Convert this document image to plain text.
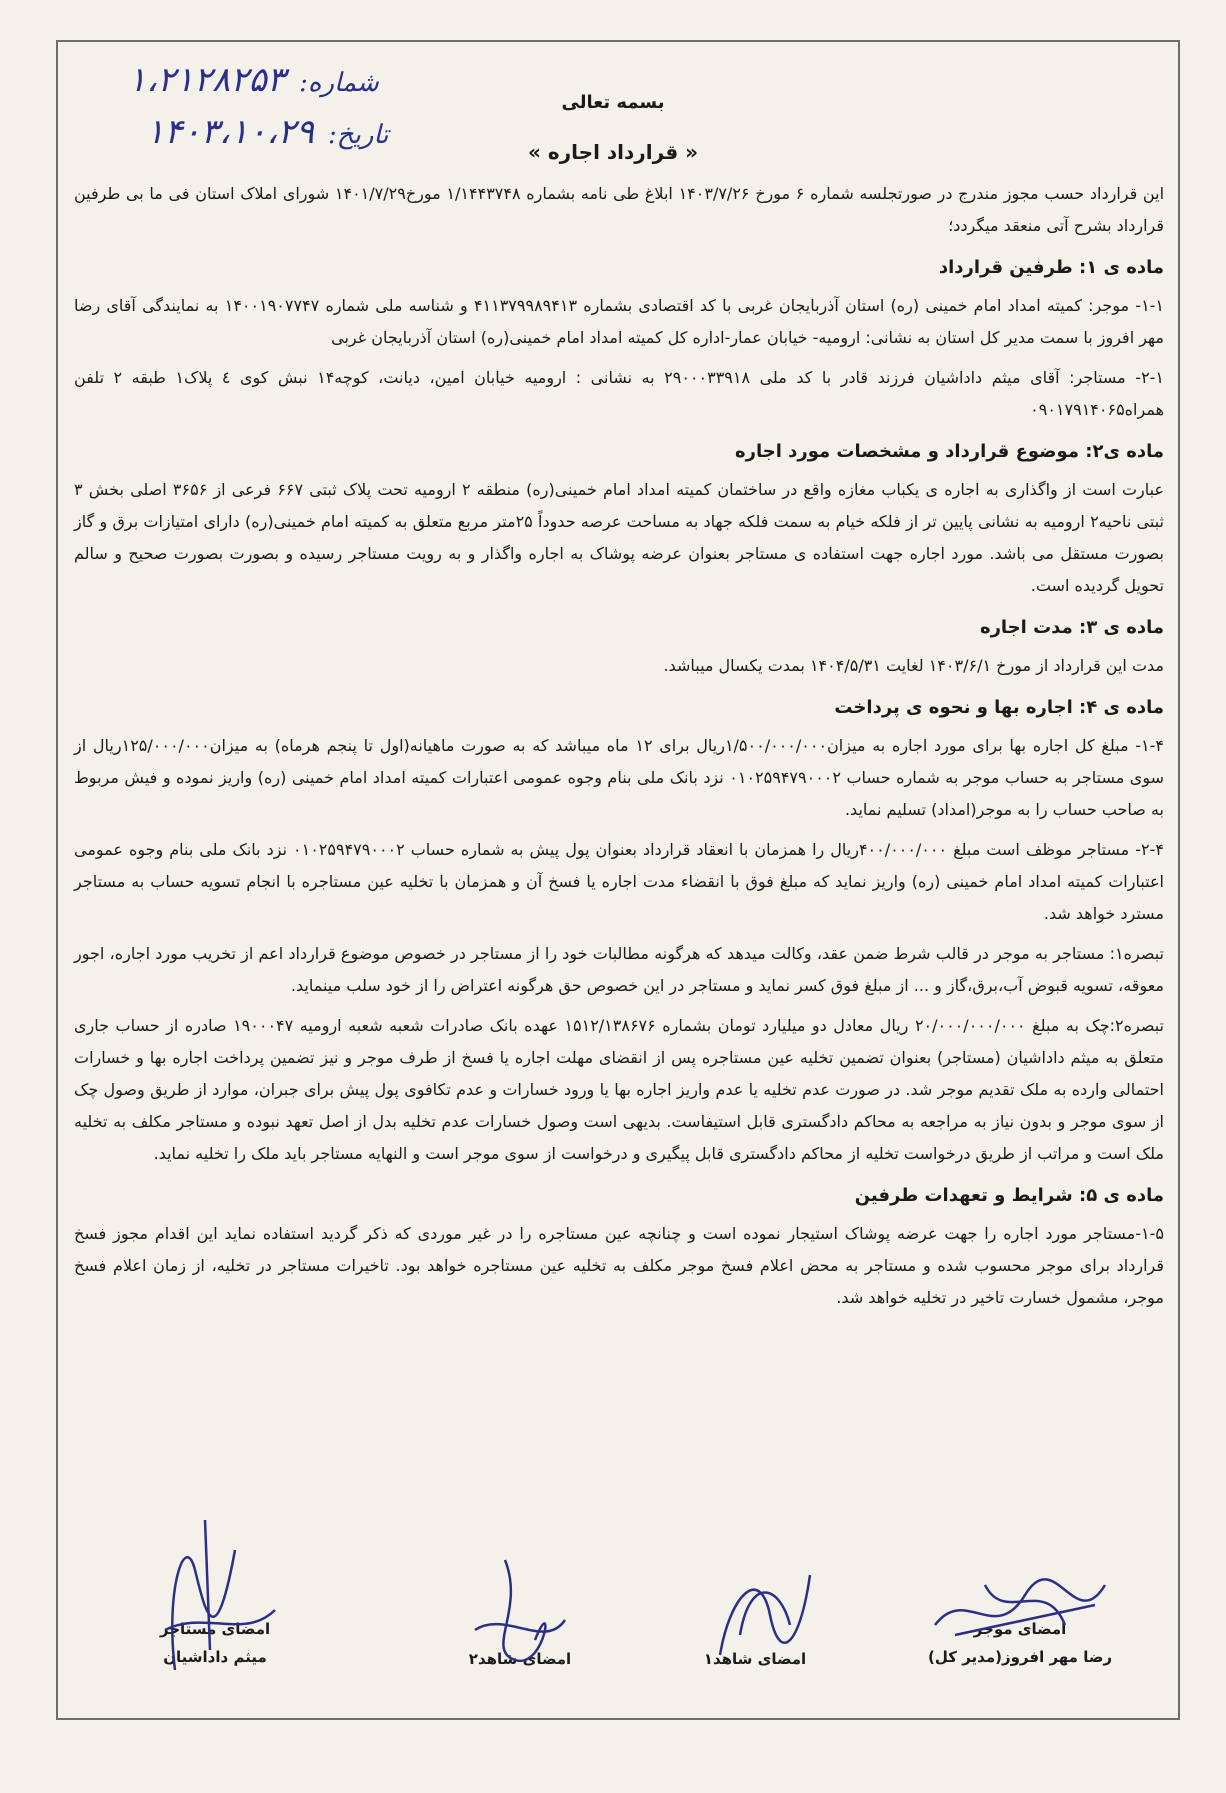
شماره:۱،۲۱۲۸۲۵۳
تاریخ:۱۴۰۳،۱۰،۲۹
بسمه تعالی
« قرارداد اجاره »

این قرارداد حسب مجوز مندرج در صورتجلسه شماره ۶ مورخ ۱۴۰۳/۷/۲۶ ابلاغ طی نامه بشماره ۱/۱۴۴۳۷۴۸ مورخ۱۴۰۱/۷/۲۹ شورای املاک استان فی ما بی طرفین قرارداد بشرح آتی منعقد میگردد؛

ماده ی ۱: طرفین قرارداد

۱-۱- موجر: کمیته امداد امام خمینی (ره) استان آذربایجان غربی با کد اقتصادی بشماره ۴۱۱۳۷۹۹۸۹۴۱۳ و شناسه ملی شماره ۱۴۰۰۱۹۰۷۷۴۷ به نمایندگی آقای رضا مهر افروز با سمت مدیر کل استان به نشانی: ارومیه- خیابان عمار-اداره کل کمیته امداد امام خمینی(ره) استان آذربایجان غربی

۲-۱- مستاجر: آقای میثم داداشیان فرزند قادر با کد ملی ۲۹۰۰۰۳۳۹۱۸ به نشانی : ارومیه خیابان امین، دیانت، کوچه۱۴ نبش کوی ٤ پلاک۱ طبقه ۲ تلفن همراه۰۹۰۱۷۹۱۴۰۶۵

ماده ی۲: موضوع قرارداد و مشخصات مورد اجاره

عبارت است از واگذاری به اجاره ی یکباب مغازه واقع در ساختمان کمیته امداد امام خمینی(ره) منطقه ۲ ارومیه تحت پلاک ثبتی ۶۶۷ فرعی از ۳۶۵۶ اصلی بخش ۳ ثبتی ناحیه۲ ارومیه به نشانی پایین تر از فلکه خیام به سمت فلکه جهاد به مساحت عرصه حدوداً ۲۵متر مربع متعلق به کمیته امام خمینی(ره) دارای امتیازات برق و گاز بصورت مستقل می باشد. مورد اجاره جهت استفاده ی مستاجر بعنوان عرضه پوشاک به اجاره واگذار و به رویت مستاجر رسیده و بصورت بصورت صحیح و سالم تحویل گردیده است.

ماده ی ۳: مدت اجاره

مدت این قرارداد از مورخ ۱۴۰۳/۶/۱ لغایت ۱۴۰۴/۵/۳۱ بمدت یکسال میباشد.

ماده ی ۴: اجاره بها و نحوه ی پرداخت

۱-۴- مبلغ کل اجاره بها برای مورد اجاره به میزان۱/۵۰۰/۰۰۰/۰۰۰ریال برای ۱۲ ماه میباشد که به صورت ماهیانه(اول تا پنجم هرماه) به میزان۱۲۵/۰۰۰/۰۰۰ریال از سوی مستاجر به حساب موجر به شماره حساب ۰۱۰۲۵۹۴۷۹۰۰۰۲ نزد بانک ملی بنام وجوه عمومی اعتبارات کمیته امداد امام خمینی (ره) واریز نموده و فیش مربوط به صاحب حساب را به موجر(امداد) تسلیم نماید.

۲-۴- مستاجر موظف است مبلغ ۴۰۰/۰۰۰/۰۰۰ریال را همزمان با انعقاد قرارداد بعنوان پول پیش به شماره حساب ۰۱۰۲۵۹۴۷۹۰۰۰۲ نزد بانک ملی بنام وجوه عمومی اعتبارات کمیته امداد امام خمینی (ره) واریز نماید که مبلغ فوق با انقضاء مدت اجاره یا فسخ آن و همزمان با تخلیه عین مستاجره با انجام تسویه حساب به مستاجر مسترد خواهد شد.

تبصره۱: مستاجر به موجر در قالب شرط ضمن عقد، وکالت میدهد که هرگونه مطالبات خود را از مستاجر در خصوص موضوع قرارداد اعم از تخریب مورد اجاره، اجور معوقه، تسویه قبوض آب،برق،گاز و ... از مبلغ فوق کسر نماید و مستاجر در این خصوص حق هرگونه اعتراض را از خود سلب مینماید.

تبصره۲:چک به مبلغ ۲۰/۰۰۰/۰۰۰/۰۰۰ ریال معادل دو میلیارد تومان بشماره ۱۵۱۲/۱۳۸۶۷۶ عهده بانک صادرات شعبه شعبه ارومیه ۱۹۰۰۰۴۷ صادره از حساب جاری متعلق به میثم داداشیان (مستاجر) بعنوان تضمین تخلیه عین مستاجره پس از انقضای مهلت اجاره یا فسخ از طرف موجر و نیز تضمین پرداخت اجاره بها و خسارات احتمالی وارده به ملک تقدیم موجر شد. در صورت عدم تخلیه یا عدم واریز اجاره بها یا ورود خسارات و عدم تکافوی پول پیش برای جبران، موارد از طریق وصول چک از سوی موجر و بدون نیاز به مراجعه به محاکم دادگستری قابل استیفاست. بدیهی است وصول خسارات عدم تخلیه بدل از اصل تعهد نبوده و مستاجر مکلف به تخلیه ملک است و مراتب از طریق درخواست تخلیه از محاکم دادگستری قابل پیگیری و درخواست از سوی موجر است و النهایه مستاجر باید ملک را تخلیه نماید.

ماده ی ۵: شرایط و تعهدات طرفین

۱-۵-مستاجر مورد اجاره را جهت عرضه پوشاک استیجار نموده است و چنانچه عین مستاجره را در غیر موردی که ذکر گردید استفاده نماید این اقدام مجوز فسخ قرارداد برای موجر محسوب شده و مستاجر به محض اعلام فسخ موجر مکلف به تخلیه عین مستاجره خواهد بود. تاخیرات مستاجر در تخلیه، از زمان اعلام فسخ موجر، مشمول خسارت تاخیر در تخلیه خواهد شد.

امضای موجر
رضا مهر افروز(مدیر کل)
امضای شاهد۱
امضای شاهد۲
امضای مستاجر
میثم داداشیان
